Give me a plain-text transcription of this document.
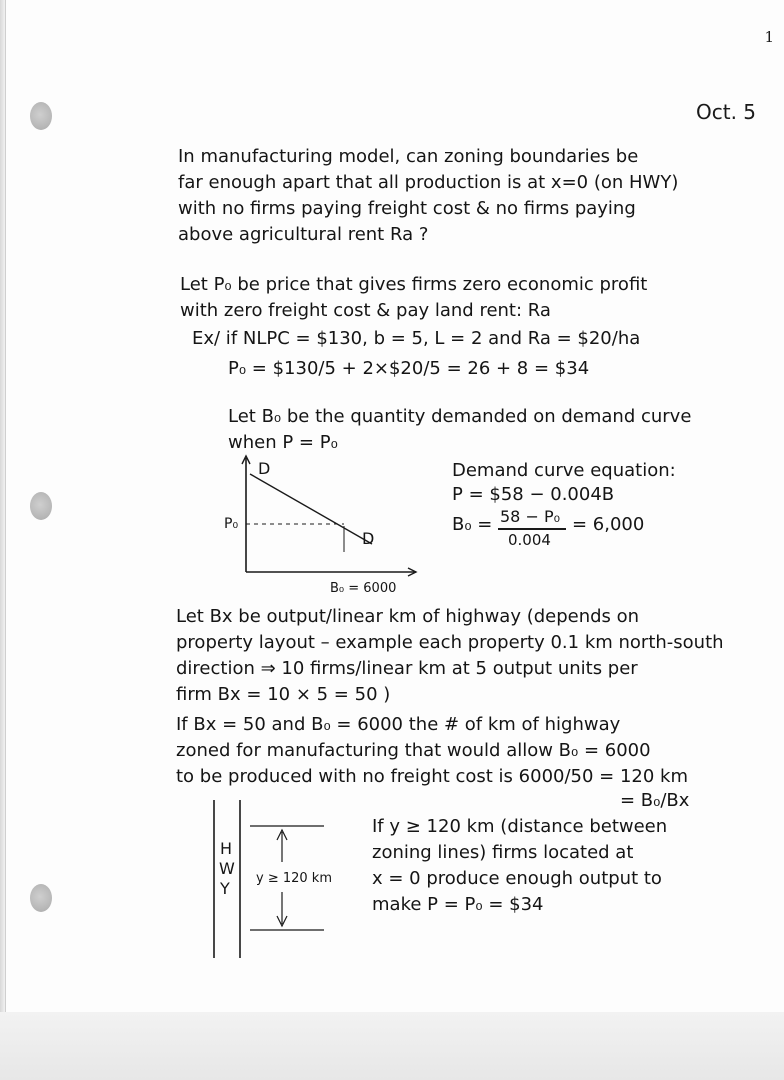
1
Oct. 5

In manufacturing model, can zoning boundaries be

far enough apart that all production is at x=0 (on HWY)

with no firms paying freight cost & no firms paying

above agricultural rent Ra ?

Let P₀ be price that gives firms zero economic profit

with zero freight cost & pay land rent: Ra

Ex/ if NLPC = $130, b = 5, L = 2 and Ra = $20/ha

P₀ = $130/5 + 2×$20/5 = 26 + 8 = $34

Let B₀ be the quantity demanded on demand curve

when P = P₀

D
D
P₀
B₀ = 6000

Demand curve equation:

P = $58 − 0.004B

B₀ = 58 − P₀

0.004

= 6,000

Let Bx be output/linear km of highway (depends on

property layout – example each property 0.1 km north-south

direction ⇒ 10 firms/linear km at 5 output units per

firm Bx = 10 × 5 = 50 )

If Bx = 50 and B₀ = 6000 the # of km of highway

zoned for manufacturing that would allow B₀ = 6000

to be produced with no freight cost is 6000/50 = 120 km

= B₀/Bx

H
W
Y
y ≥ 120 km

If y ≥ 120 km (distance between

zoning lines) firms located at

x = 0 produce enough output to

make P = P₀ = $34
